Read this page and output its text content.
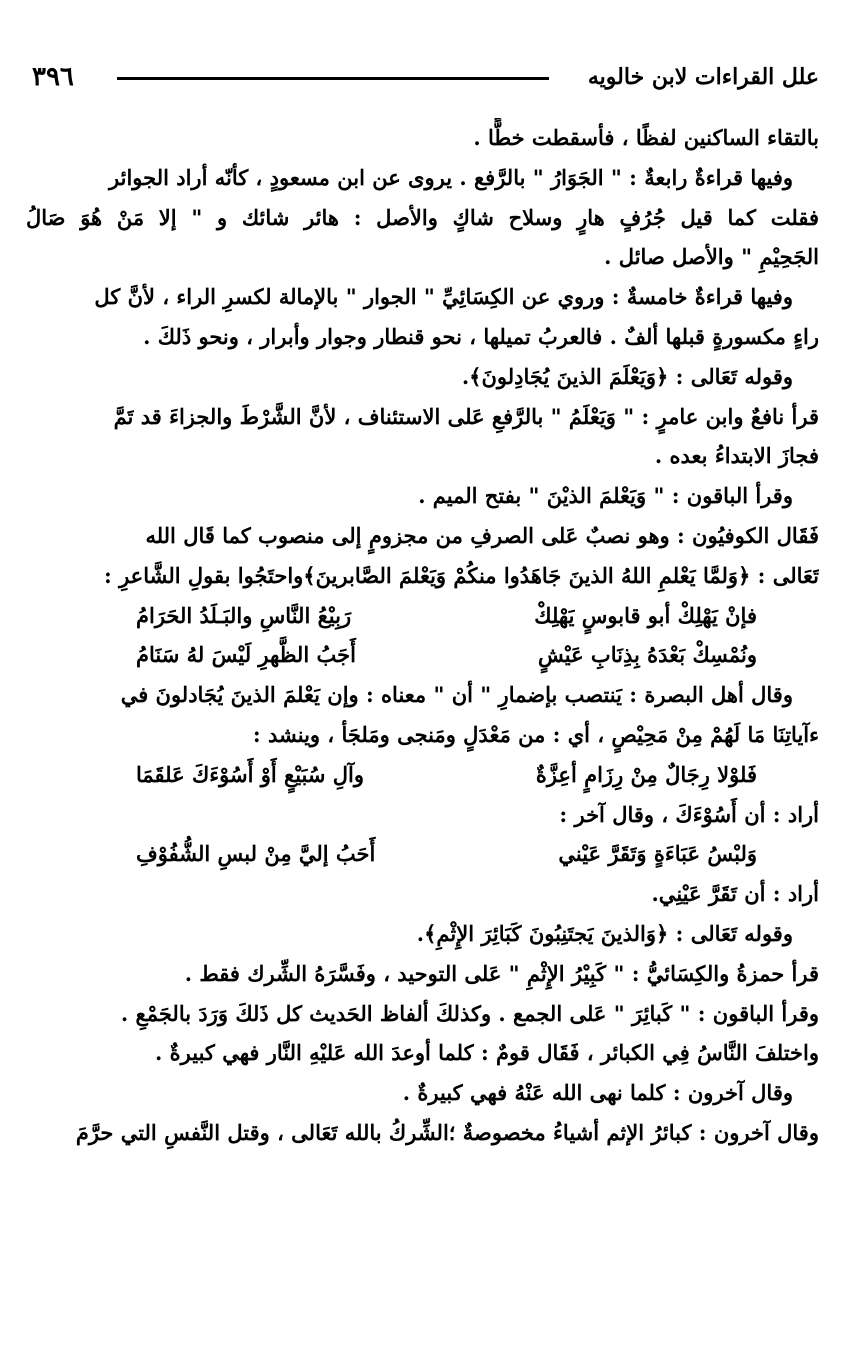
٣٩٦	علل القراءات لابن خالويه
بالتقاء الساكنين لفظًا ، فأسقطت خطًّا .
وفيها قراءةٌ رابعةٌ : " الجَوَارُ " بالرَّفع . يروى عن ابن مسعودٍ ، كأنّه أراد الجوائر
فقلت كما قيل جُرُفٍ هارٍ وسلاح شاكٍ والأصل : هائر شائك و " إلا مَنْ هُوَ صَالُ
الجَحِيْمِ " والأصل صائل .
وفيها قراءةٌ خامسةٌ : وروي عن الكِسَائِيِّ " الجوار " بالإمالة لكسرِ الراء ، لأنَّ كل
راءٍ مكسورةٍ قبلها ألفٌ . فالعربُ تميلها ، نحو قنطار وجوار وأبرار ، ونحو ذَلكَ .
وقوله تَعَالى : ﴿وَيَعْلَمَ الذينَ يُجَادِلونَ﴾.
قرأ نافعٌ وابن عامرٍ : " وَيَعْلَمُ " بالرَّفعِ عَلى الاستئناف ، لأنَّ الشَّرْطَ والجزاءَ قد تَمَّ
فجازَ الابتداءُ بعده .
وقرأ الباقون : " وَيَعْلمَ الذيْنَ " بفتح الميم .
فَقَال الكوفيُون : وهو نصبٌ عَلى الصرفِ من مجزومٍ إلى منصوب كما قَال الله
تَعَالى : ﴿وَلمَّا يَعْلمِ اللهُ الذينَ جَاهَدُوا منكُمْ وَيَعْلمَ الصَّابرينَ﴾واحتَجُوا بقولِ الشَّاعرِ :
فإنْ يَهْلِكْ أبو قابوسٍ يَهْلِكْ
رَبِيْعُ النَّاسِ والبَـلَدُ الحَرَامُ
ونُمْسِكْ بَعْدَهُ بِذِنَابِ عَيْشٍ
أَجَبُ الظَّهرِ لَيْسَ لهُ سَنَامُ
وقال أهل البصرة : يَنتصب بإضمارِ " أن " معناه : وإن يَعْلمَ الذينَ يُجَادلونَ في
ءآياتِنَا مَا لَهُمْ مِنْ مَحِيْصٍ ، أي : من مَعْدَلٍ ومَنجى ومَلجَأ ، وينشد :
فَلوْلا رِجَالٌ مِنْ رِزَامٍ أعِزَّةٌ
وآلِ سُبَيْعٍ أَوْ أَسُوْءَكَ عَلقَمَا
أراد : أن أَسُوْءَكَ ، وقال آخر :
وَلبْسُ عَبَاءَةٍ وَتَقَرَّ عَيْني
أَحَبُ إليَّ مِنْ لبسِ الشُّفُوْفِ
أراد : أن تَقَرَّ عَيْنِي.
وقوله تَعَالى : ﴿وَالذينَ يَجتَنِبُونَ كَبَائِرَ الإِثْمِ﴾.
قرأ حمزةُ والكِسَائيُّ : " كَبِيْرُ الإِثْمِ " عَلى التوحيد ، وفَسَّرَهُ الشِّرك فقط .
وقرأ الباقون : " كَبائِرَ " عَلى الجمع . وكذلكَ ألفاظ الحَديث كل ذَلكَ وَرَدَ بالجَمْعِ .
واختلفَ النَّاسُ فِي الكبائر ، فَقَال قومٌ : كلما أوعدَ الله عَليْهِ النَّار فهي كبيرةٌ .
وقال آخرون : كلما نهى الله عَنْهُ فهي كبيرةٌ .
وقال آخرون : كبائرُ الإثم أشياءُ مخصوصةٌ ؛الشِّركُ بالله تَعَالى ، وقتل النَّفسِ التي حرَّمَ
